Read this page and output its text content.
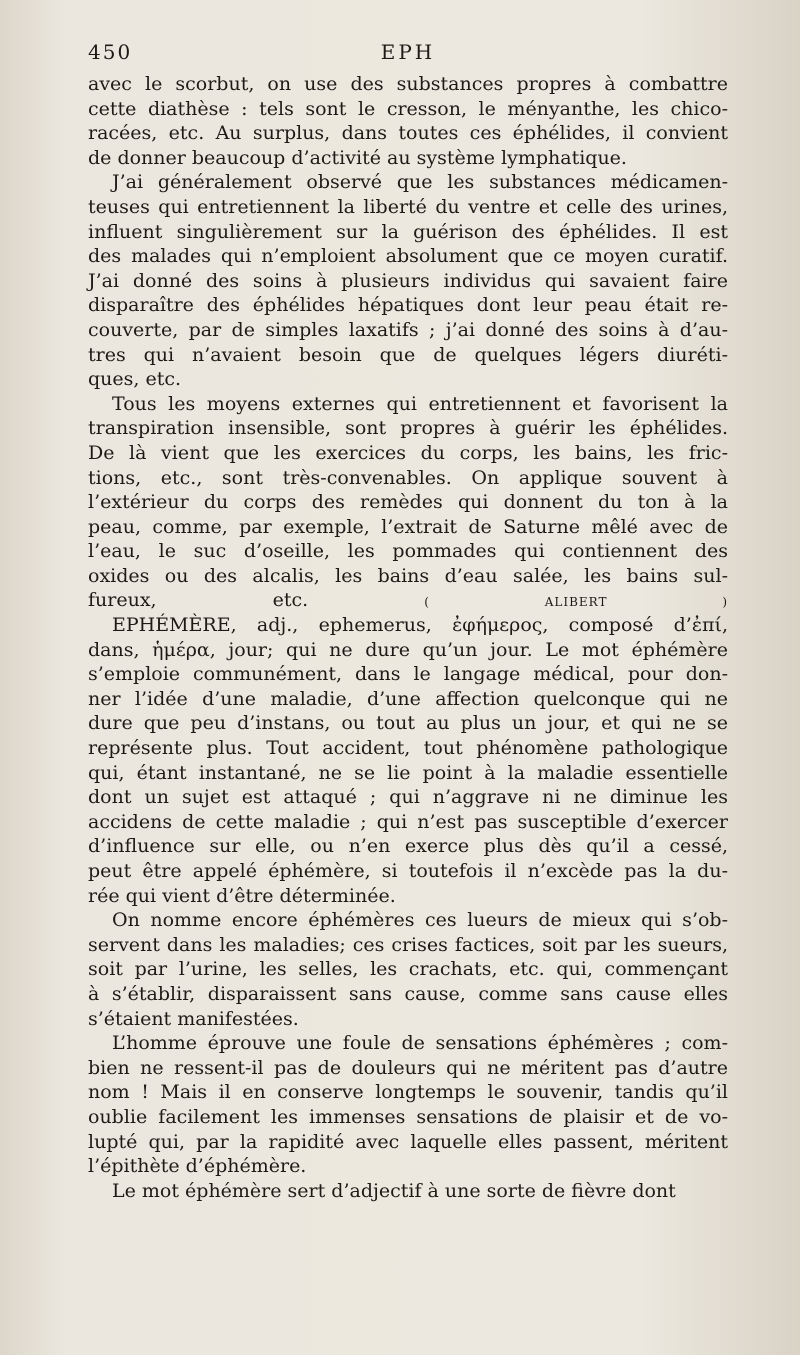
450	EPH
avec le scorbut, on use des substances propres à combattre
cette diathèse : tels sont le cresson, le ményanthe, les chico-
racées, etc. Au surplus, dans toutes ces éphélides, il convient
de donner beaucoup d’activité au système lymphatique.
J’ai généralement observé que les substances médicamen-
teuses qui entretiennent la liberté du ventre et celle des urines,
influent singulièrement sur la guérison des éphélides. Il est
des malades qui n’emploient absolument que ce moyen curatif.
J’ai donné des soins à plusieurs individus qui savaient faire
disparaître des éphélides hépatiques dont leur peau était re-
couverte, par de simples laxatifs ; j’ai donné des soins à d’au-
tres qui n’avaient besoin que de quelques légers diuréti-
ques, etc.
Tous les moyens externes qui entretiennent et favorisent la
transpiration insensible, sont propres à guérir les éphélides.
De là vient que les exercices du corps, les bains, les fric-
tions, etc., sont très-convenables. On applique souvent à
l’extérieur du corps des remèdes qui donnent du ton à la
peau, comme, par exemple, l’extrait de Saturne mêlé avec de
l’eau, le suc d’oseille, les pommades qui contiennent des
oxides ou des alcalis, les bains d’eau salée, les bains sul-
fureux, etc.	( ALIBERT )
EPHÉMÈRE, adj., ephemerus, ἐφήμερος, composé d’ἐπί,
dans, ἡμέρα, jour; qui ne dure qu’un jour. Le mot éphémère
s’emploie communément, dans le langage médical, pour don-
ner l’idée d’une maladie, d’une affection quelconque qui ne
dure que peu d’instans, ou tout au plus un jour, et qui ne se
représente plus. Tout accident, tout phénomène pathologique
qui, étant instantané, ne se lie point à la maladie essentielle
dont un sujet est attaqué ; qui n’aggrave ni ne diminue les
accidens de cette maladie ; qui n’est pas susceptible d’exercer
d’influence sur elle, ou n’en exerce plus dès qu’il a cessé,
peut être appelé éphémère, si toutefois il n’excède pas la du-
rée qui vient d’être déterminée.
On nomme encore éphémères ces lueurs de mieux qui s’ob-
servent dans les maladies; ces crises factices, soit par les sueurs,
soit par l’urine, les selles, les crachats, etc. qui, commençant
à s’établir, disparaissent sans cause, comme sans cause elles
s’étaient manifestées.
L’homme éprouve une foule de sensations éphémères ; com-
bien ne ressent-il pas de douleurs qui ne méritent pas d’autre
nom ! Mais il en conserve longtemps le souvenir, tandis qu’il
oublie facilement les immenses sensations de plaisir et de vo-
lupté qui, par la rapidité avec laquelle elles passent, méritent
l’épithète d’éphémère.
Le mot éphémère sert d’adjectif à une sorte de fièvre dont
